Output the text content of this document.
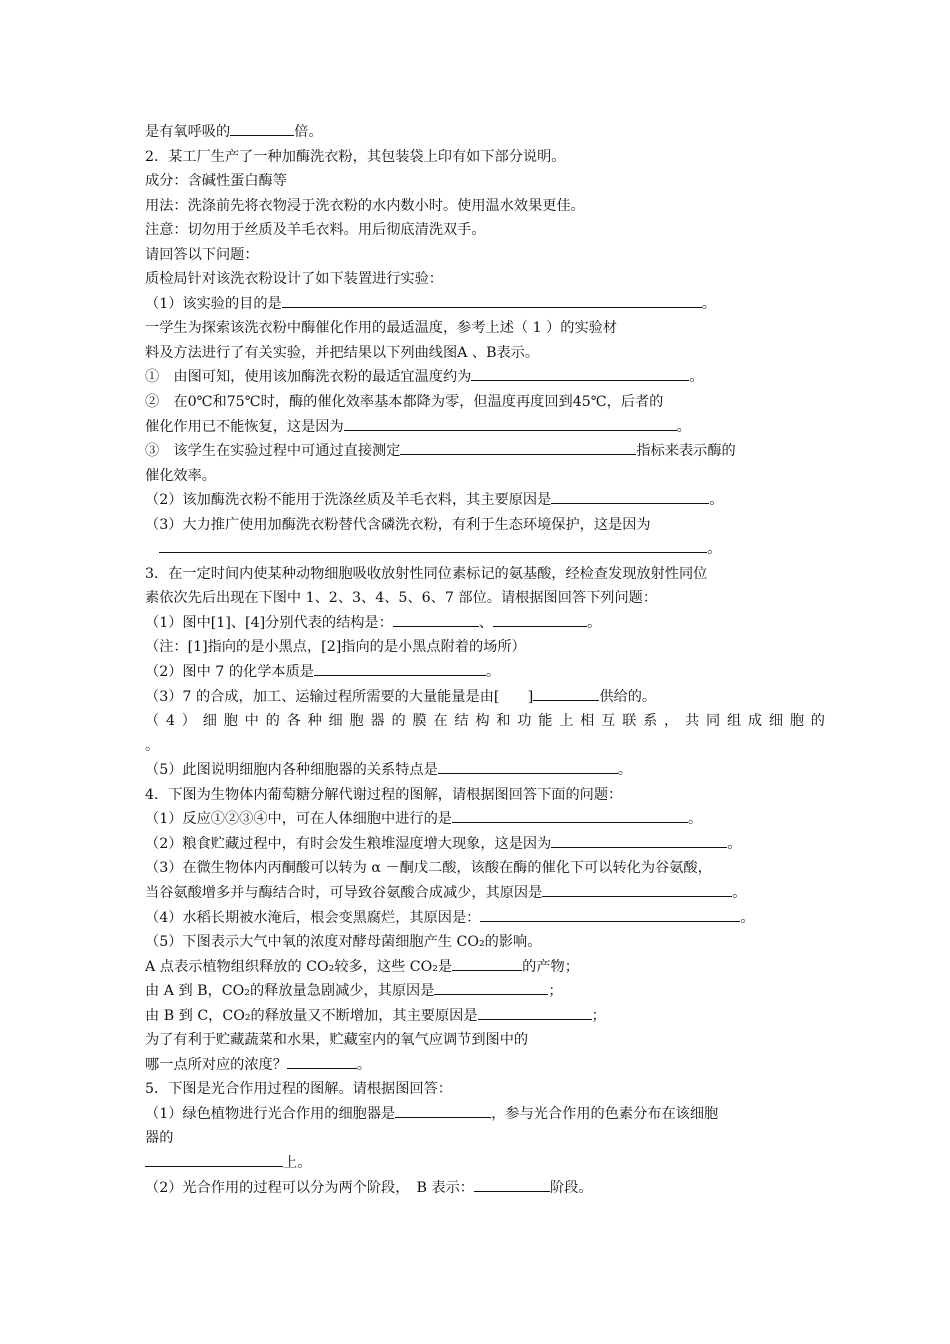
是有氧呼吸的	倍。
2．某工厂生产了一种加酶洗衣粉，其包装袋上印有如下部分说明。
成分：含碱性蛋白酶等
用法：洗涤前先将衣物浸于洗衣粉的水内数小时。使用温水效果更佳。
注意：切勿用于丝质及羊毛衣料。用后彻底清洗双手。
请回答以下问题：
质检局针对该洗衣粉设计了如下装置进行实验：
（1）该实验的目的是	。
一学生为探索该洗衣粉中酶催化作用的最适温度，参考上述（ 1 ）的实验材
料及方法进行了有关实验，并把结果以下列曲线图A 、B表示。
①　由图可知，使用该加酶洗衣粉的最适宜温度约为	。
②　在0℃和75℃时，酶的催化效率基本都降为零，但温度再度回到45℃，后者的
催化作用已不能恢复，这是因为	。
③　该学生在实验过程中可通过直接测定	指标来表示酶的
催化效率。
（2）该加酶洗衣粉不能用于洗涤丝质及羊毛衣料，其主要原因是	。
（3）大力推广使用加酶洗衣粉替代含磷洗衣粉，有利于生态环境保护，这是因为
　。
3．在一定时间内使某种动物细胞吸收放射性同位素标记的氨基酸，经检查发现放射性同位
素依次先后出现在下图中 1、2、3、4、5、6、7 部位。请根据图回答下列问题：
（1）图中[1]、[4]分别代表的结构是：	、	。
（注：[1]指向的是小黑点，[2]指向的是小黑点附着的场所）
（2）图中 7 的化学本质是	。
（3）7 的合成，加工、运输过程所需要的大量能量是由[　　]	供给的。
（4）细胞中的各种细胞器的膜在结构和功能上相互联系，共同组成细胞的
。
（5）此图说明细胞内各种细胞器的关系特点是	。
4．下图为生物体内葡萄糖分解代谢过程的图解，请根据图回答下面的问题：
（1）反应①②③④中，可在人体细胞中进行的是	。
（2）粮食贮藏过程中，有时会发生粮堆湿度增大现象，这是因为	。
（3）在微生物体内丙酮酸可以转为 α －酮戊二酸，该酸在酶的催化下可以转化为谷氨酸，
当谷氨酸增多并与酶结合时，可导致谷氨酸合成减少，其原因是	。
（4）水稻长期被水淹后，根会变黑腐烂，其原因是：	。
（5）下图表示大气中氧的浓度对酵母菌细胞产生 CO₂的影响。
A 点表示植物组织释放的 CO₂较多，这些 CO₂是	的产物；
由 A 到 B，CO₂的释放量急剧减少，其原因是	；
由 B 到 C，CO₂的释放量又不断增加，其主要原因是	；
为了有利于贮藏蔬菜和水果，贮藏室内的氧气应调节到图中的
哪一点所对应的浓度？	。
5．下图是光合作用过程的图解。请根据图回答：
（1）绿色植物进行光合作用的细胞器是	，参与光合作用的色素分布在该细胞
器的
上。
（2）光合作用的过程可以分为两个阶段，　B 表示：	阶段。
